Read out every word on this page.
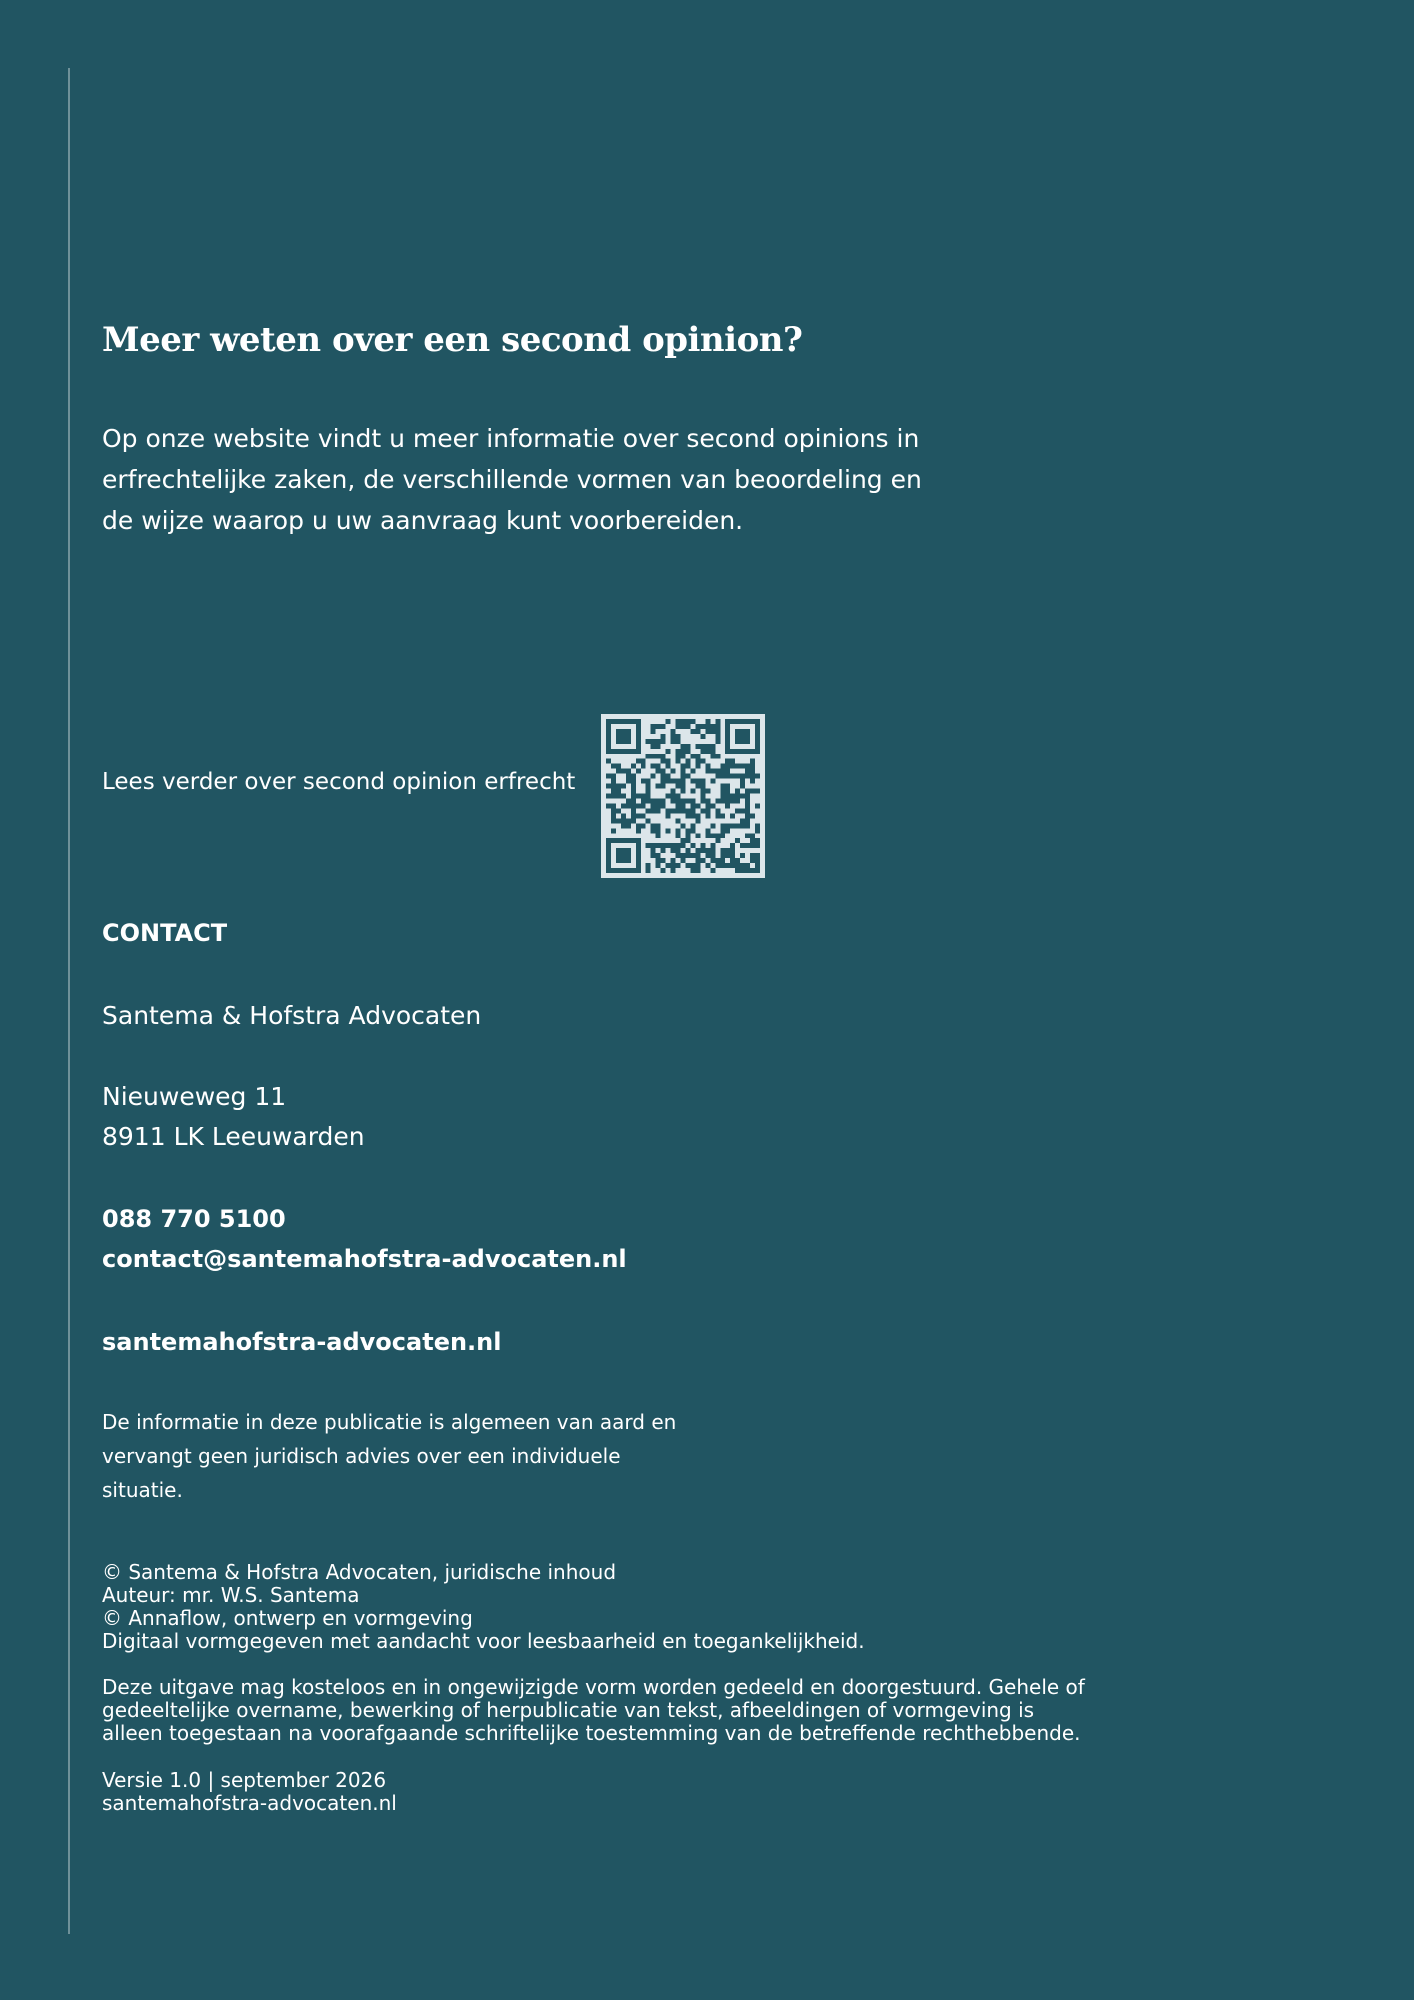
Meer weten over een second opinion?

Op onze website vindt u meer informatie over second opinions in erfrechtelijke zaken, de verschillende vormen van beoordeling en de wijze waarop u uw aanvraag kunt voorbereiden.

Lees verder over second opinion erfrecht

CONTACT

Santema & Hofstra Advocaten

Nieuweweg 11

8911 LK Leeuwarden

088 770 5100

contact@santemahofstra-advocaten.nl

santemahofstra-advocaten.nl

De informatie in deze publicatie is algemeen van aard en vervangt geen juridisch advies over een individuele situatie.

© Santema & Hofstra Advocaten, juridische inhoud
Auteur: mr. W.S. Santema
© Annaflow, ontwerp en vormgeving
Digitaal vormgegeven met aandacht voor leesbaarheid en toegankelijkheid.
Deze uitgave mag kosteloos en in ongewijzigde vorm worden gedeeld en doorgestuurd. Gehele of
gedeeltelijke overname, bewerking of herpublicatie van tekst, afbeeldingen of vormgeving is
alleen toegestaan na voorafgaande schriftelijke toestemming van de betreffende rechthebbende.
Versie 1.0 | september 2026
santemahofstra-advocaten.nl
